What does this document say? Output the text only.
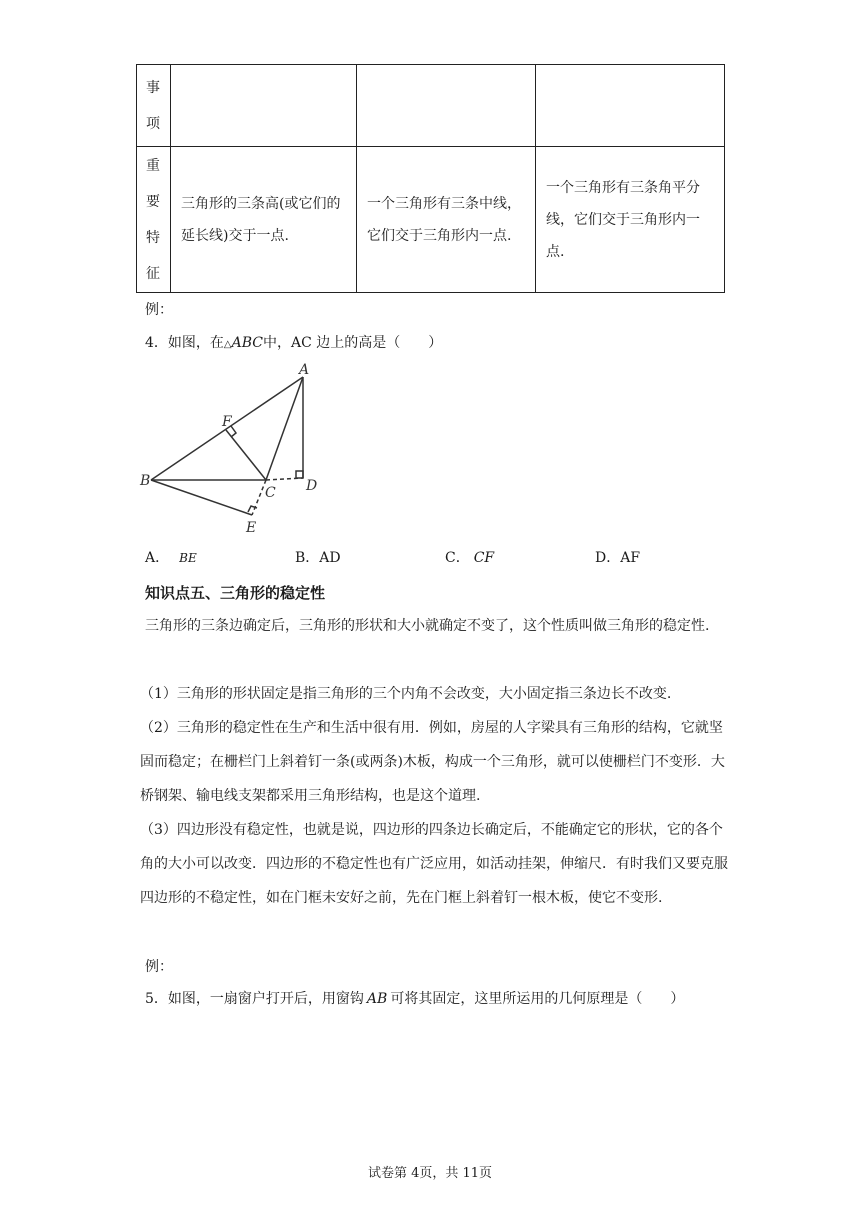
事项			

重要特征	三角形的三条高(或它们的延长线)交于一点.	一个三角形有三条中线，它们交于三角形内一点.	一个三角形有三条角平分线，它们交于三角形内一点.
例：
4．如图，在△ABC中，AC 边上的高是（　　）
A
B
C D
E
F
A． BE	B．AD	C． CF	D．AF
知识点五、三角形的稳定性
三角形的三条边确定后，三角形的形状和大小就确定不变了，这个性质叫做三角形的稳定性.
（1）三角形的形状固定是指三角形的三个内角不会改变，大小固定指三条边长不改变.
（2）三角形的稳定性在生产和生活中很有用．例如，房屋的人字梁具有三角形的结构，它就坚固而稳定；在栅栏门上斜着钉一条(或两条)木板，构成一个三角形，就可以使栅栏门不变形．大桥钢架、输电线支架都采用三角形结构，也是这个道理.
（3）四边形没有稳定性，也就是说，四边形的四条边长确定后，不能确定它的形状，它的各个角的大小可以改变．四边形的不稳定性也有广泛应用，如活动挂架，伸缩尺．有时我们又要克服四边形的不稳定性，如在门框未安好之前，先在门框上斜着钉一根木板，使它不变形.
例：
5．如图，一扇窗户打开后，用窗钩 AB 可将其固定，这里所运用的几何原理是（　　）
试卷第 4页，共 11页
